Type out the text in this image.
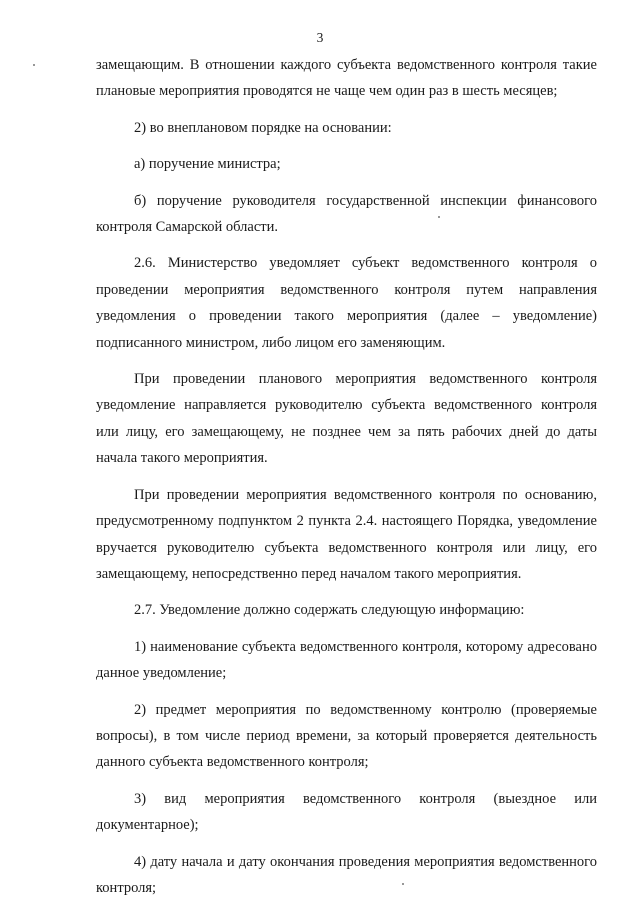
3

замещающим. В отношении каждого субъекта ведомственного контроля такие плановые мероприятия проводятся не чаще чем один раз в шесть месяцев;

2) во внеплановом порядке на основании:

а) поручение министра;

б) поручение руководителя государственной инспекции финансового контроля Самарской области.

2.6. Министерство уведомляет субъект ведомственного контроля о проведении мероприятия ведомственного контроля путем направления уведомления о проведении такого мероприятия (далее – уведомление) подписанного министром, либо лицом его заменяющим.

При проведении планового мероприятия ведомственного контроля уведомление направляется руководителю субъекта ведомственного контроля или лицу, его замещающему, не позднее чем за пять рабочих дней до даты начала такого мероприятия.

При проведении мероприятия ведомственного контроля по основанию, предусмотренному подпунктом 2 пункта 2.4. настоящего Порядка, уведомление вручается руководителю субъекта ведомственного контроля или лицу, его замещающему, непосредственно перед началом такого мероприятия.

2.7. Уведомление должно содержать следующую информацию:

1) наименование субъекта ведомственного контроля, которому адресовано данное уведомление;

2) предмет мероприятия по ведомственному контролю (проверяемые вопросы), в том числе период времени, за который проверяется деятельность данного субъекта ведомственного контроля;

3) вид мероприятия ведомственного контроля (выездное или документарное);

4) дату начала и дату окончания проведения мероприятия ведомственного контроля;
